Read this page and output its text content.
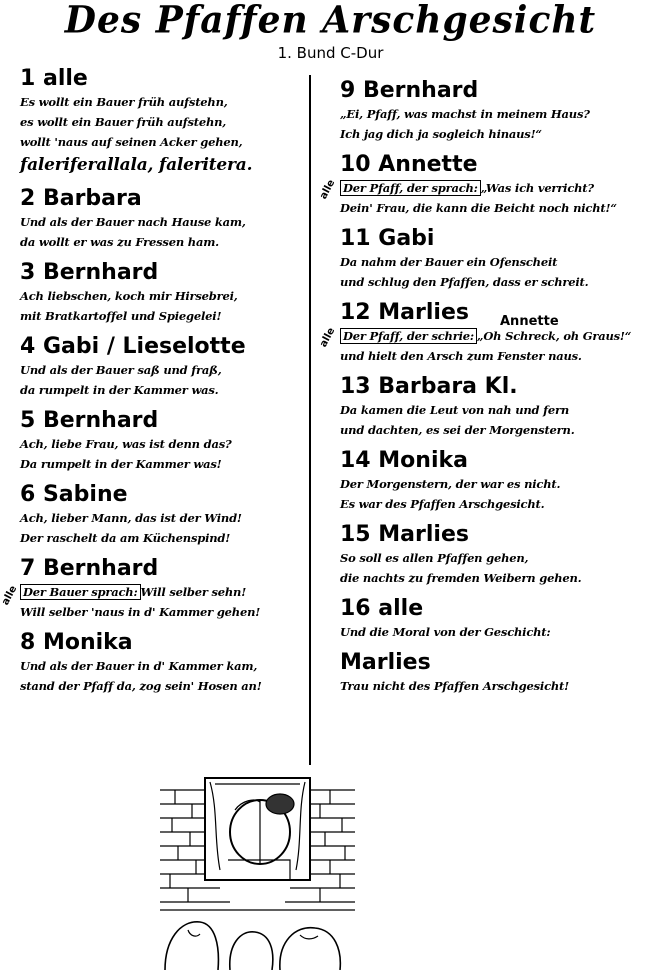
Des Pfaffen Arschgesicht
1. Bund C-Dur
1 alle
Es wollt ein Bauer früh aufstehn,
es wollt ein Bauer früh aufstehn,
wollt 'naus auf seinen Acker gehen,
faleriferallala, faleritera.
2 Barbara
Und als der Bauer nach Hause kam,
da wollt er was zu Fressen ham.
3 Bernhard
Ach liebschen, koch mir Hirsebrei,
mit Bratkartoffel und Spiegelei!
4 Gabi / Lieselotte
Und als der Bauer saß und fraß,
da rumpelt in der Kammer was.
5 Bernhard
Ach, liebe Frau, was ist denn das?
Da rumpelt in der Kammer was!
6 Sabine
Ach, lieber Mann, das ist der Wind!
Der raschelt da am Küchenspind!
7 Bernhard
alle Der Bauer sprach: Will selber sehn!
Will selber 'naus in d' Kammer gehen!
8 Monika
Und als der Bauer in d' Kammer kam,
stand der Pfaff da, zog sein' Hosen an!
9 Bernhard
„Ei, Pfaff, was machst in meinem Haus?
Ich jag dich ja sogleich hinaus!“
10 Annette
alle Der Pfaff, der sprach: „Was ich verricht?
Dein' Frau, die kann die Beicht noch nicht!“
11 Gabi
Da nahm der Bauer ein Ofenscheit
und schlug den Pfaffen, dass er schreit.
12 Marlies	Annette
alle Der Pfaff, der schrie: „Oh Schreck, oh Graus!“
und hielt den Arsch zum Fenster naus.
13 Barbara Kl.
Da kamen die Leut von nah und fern
und dachten, es sei der Morgenstern.
14 Monika
Der Morgenstern, der war es nicht.
Es war des Pfaffen Arschgesicht.
15 Marlies
So soll es allen Pfaffen gehen,
die nachts zu fremden Weibern gehen.
16 alle
Und die Moral von der Geschicht:
Marlies
Trau nicht des Pfaffen Arschgesicht!
